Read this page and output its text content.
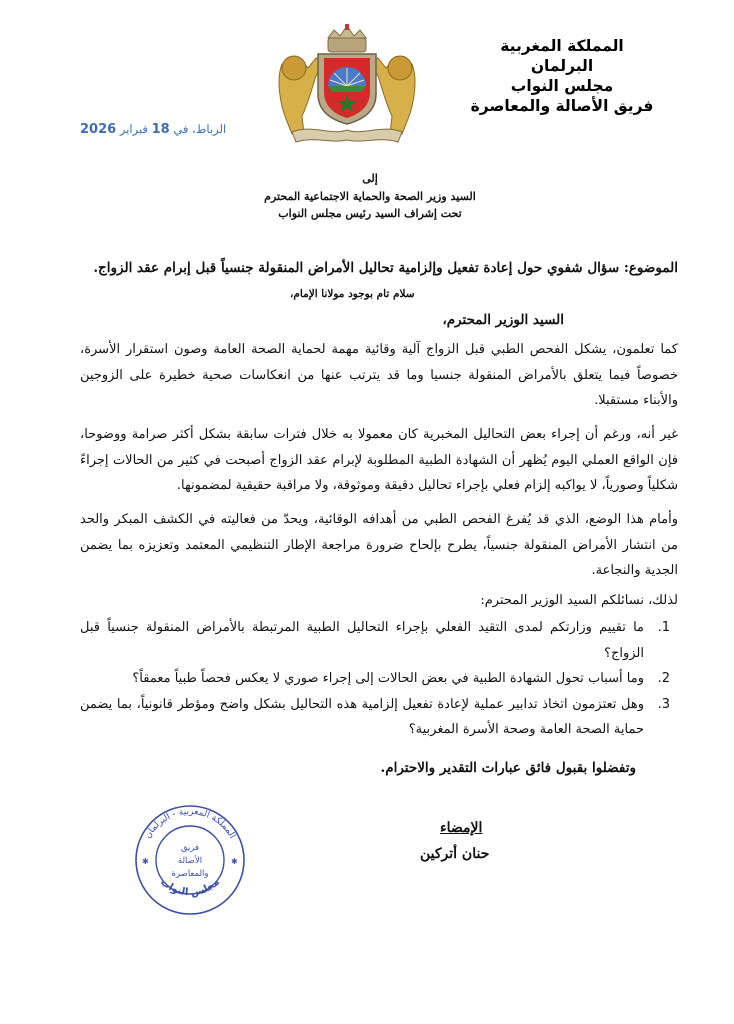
المملكة المغربية
البرلمان
مجلس النواب
فريق الأصالة والمعاصرة
الرباط، في 18 فبراير 2026
إلى
السيد وزير الصحة والحماية الاجتماعية المحترم
تحت إشراف السيد رئيس مجلس النواب
الموضوع: سؤال شفوي حول إعادة تفعيل وإلزامية تحاليل الأمراض المنقولة جنسياً قبل إبرام عقد الزواج.
سلام تام بوجود مولانا الإمام،
السيد الوزير المحترم،
كما تعلمون، يشكل الفحص الطبي قبل الزواج آلية وقائية مهمة لحماية الصحة العامة وصون استقرار الأسرة، خصوصاً فيما يتعلق بالأمراض المنقولة جنسيا وما قد يترتب عنها من انعكاسات صحية خطيرة على الزوجين والأبناء مستقبلا.
غير أنه، ورغم أن إجراء بعض التحاليل المخبرية كان معمولا به خلال فترات سابقة بشكل أكثر صرامة ووضوحا، فإن الواقع العملي اليوم يُظهر أن الشهادة الطبية المطلوبة لإبرام عقد الزواج أصبحت في كثير من الحالات إجراءً شكلياً وصورياً، لا يواكبه إلزام فعلي بإجراء تحاليل دقيقة وموثوقة، ولا مراقبة حقيقية لمضمونها.
وأمام هذا الوضع، الذي قد يُفرغ الفحص الطبي من أهدافه الوقائية، ويحدّ من فعاليته في الكشف المبكر والحد من انتشار الأمراض المنقولة جنسياً، يطرح بإلحاح ضرورة مراجعة الإطار التنظيمي المعتمد وتعزيزه بما يضمن الجدية والنجاعة.
لذلك، نسائلكم السيد الوزير المحترم:
1.
ما تقييم وزارتكم لمدى التقيد الفعلي بإجراء التحاليل الطبية المرتبطة بالأمراض المنقولة جنسياً قبل الزواج؟
2.
وما أسباب تحول الشهادة الطبية في بعض الحالات إلى إجراء صوري لا يعكس فحصاً طبياً معمقاً؟
3.
وهل تعتزمون اتخاذ تدابير عملية لإعادة تفعيل إلزامية هذه التحاليل بشكل واضح ومؤطر قانونياً، بما يضمن حماية الصحة العامة وصحة الأسرة المغربية؟
وتفضلوا بقبول فائق عبارات التقدير والاحترام.
الإمضاء
حنان أتركين
المملكة المغربية - البرلمان
مجلس النواب
✱	✱
فريق
الأصالة
والمعاصرة
